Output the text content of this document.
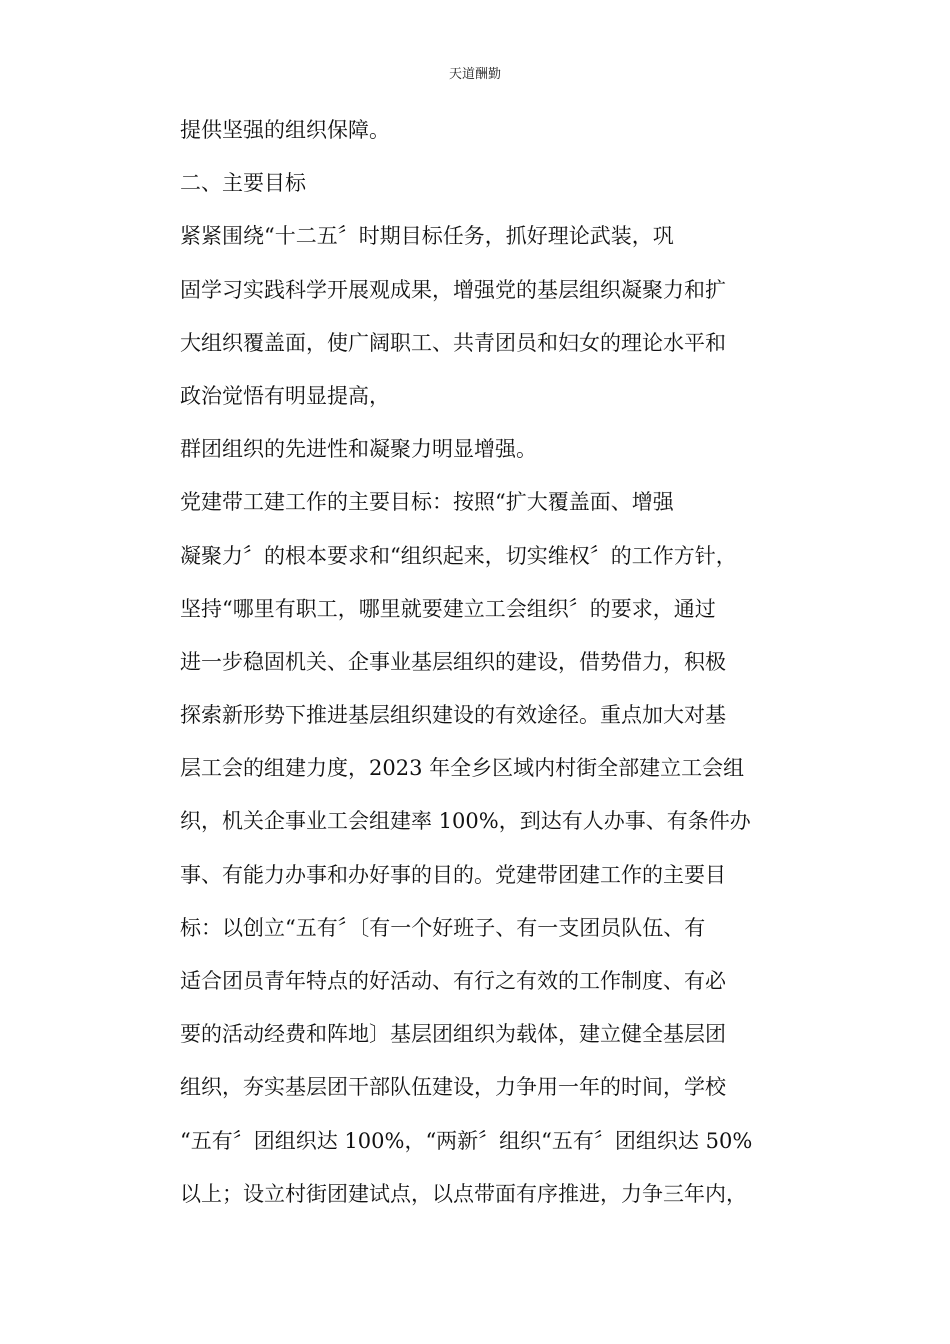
天道酬勤
提供坚强的组织保障。
二、主要目标
紧紧围绕“十二五〞时期目标任务，抓好理论武装，巩
固学习实践科学开展观成果，增强党的基层组织凝聚力和扩
大组织覆盖面，使广阔职工、共青团员和妇女的理论水平和
政治觉悟有明显提高，
群团组织的先进性和凝聚力明显增强。
党建带工建工作的主要目标：按照“扩大覆盖面、增强
凝聚力〞的根本要求和“组织起来，切实维权〞的工作方针，
坚持“哪里有职工，哪里就要建立工会组织〞的要求，通过
进一步稳固机关、企事业基层组织的建设，借势借力，积极
探索新形势下推进基层组织建设的有效途径。重点加大对基
层工会的组建力度，2023 年全乡区域内村街全部建立工会组
织，机关企事业工会组建率 100%，到达有人办事、有条件办
事、有能力办事和办好事的目的。党建带团建工作的主要目
标：以创立“五有〞〔有一个好班子、有一支团员队伍、有
适合团员青年特点的好活动、有行之有效的工作制度、有必
要的活动经费和阵地〕基层团组织为载体，建立健全基层团
组织，夯实基层团干部队伍建设，力争用一年的时间，学校
“五有〞团组织达 100%，“两新〞组织“五有〞团组织达 50%
以上；设立村街团建试点，以点带面有序推进，力争三年内，
